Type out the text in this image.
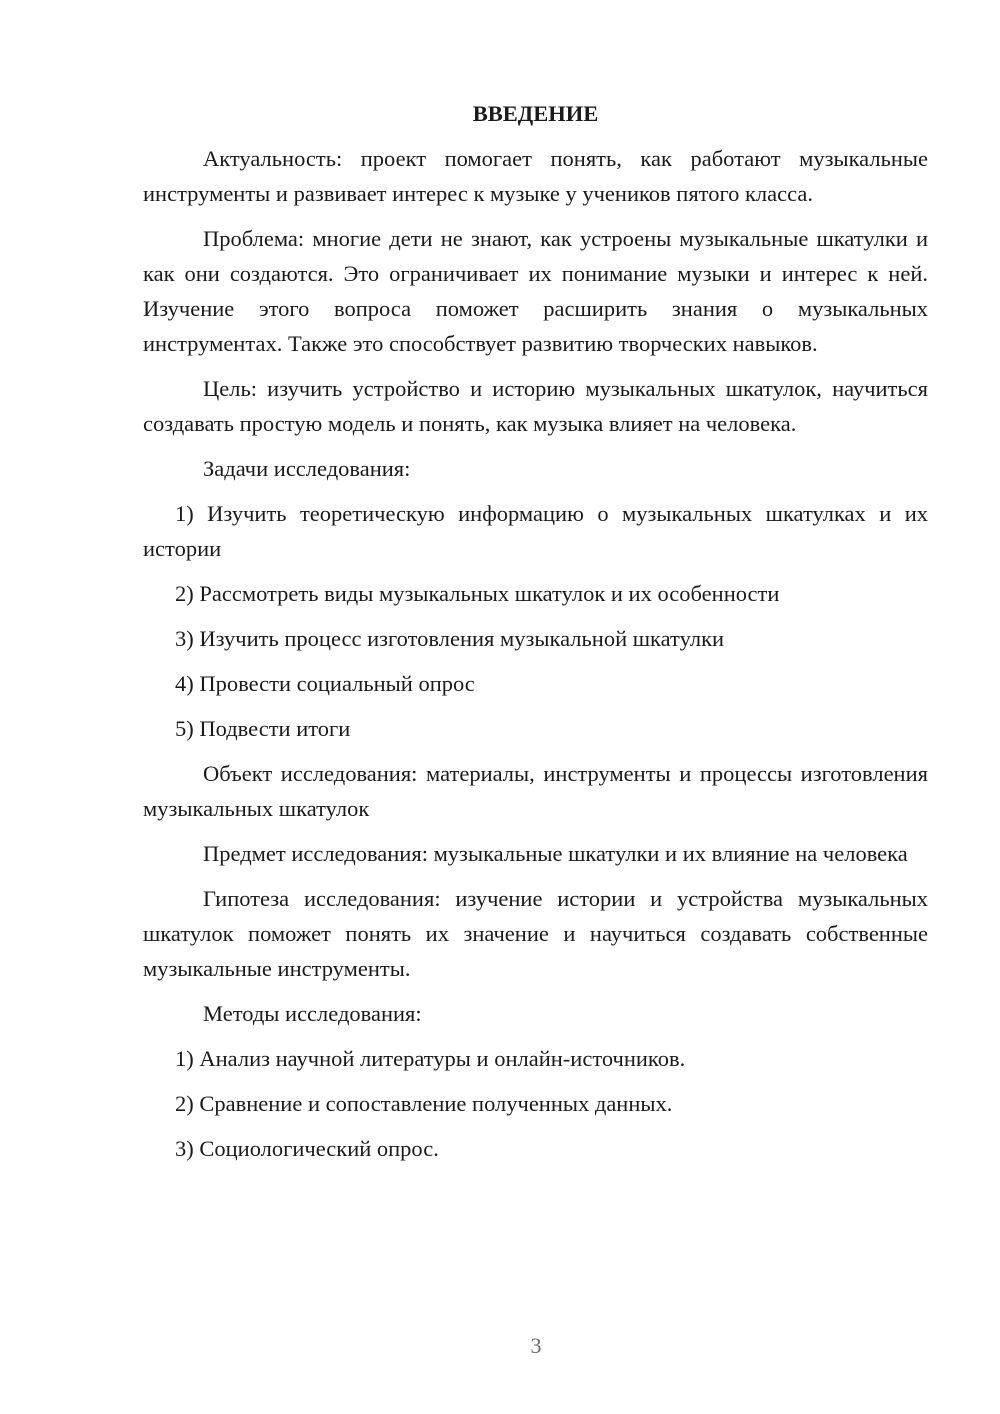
ВВЕДЕНИЕ

Актуальность: проект помогает понять, как работают музыкальные инструменты и развивает интерес к музыке у учеников пятого класса.

Проблема: многие дети не знают, как устроены музыкальные шкатулки и как они создаются. Это ограничивает их понимание музыки и интерес к ней. Изучение этого вопроса поможет расширить знания о музыкальных инструментах. Также это способствует развитию творческих навыков.

Цель: изучить устройство и историю музыкальных шкатулок, научиться создавать простую модель и понять, как музыка влияет на человека.

Задачи исследования:

1) Изучить теоретическую информацию о музыкальных шкатулках и их истории

2) Рассмотреть виды музыкальных шкатулок и их особенности

3) Изучить процесс изготовления музыкальной шкатулки

4) Провести социальный опрос

5) Подвести итоги

Объект исследования: материалы, инструменты и процессы изготовления музыкальных шкатулок

Предмет исследования: музыкальные шкатулки и их влияние на человека

Гипотеза исследования: изучение истории и устройства музыкальных шкатулок поможет понять их значение и научиться создавать собственные музыкальные инструменты.

Методы исследования:

1) Анализ научной литературы и онлайн-источников.

2) Сравнение и сопоставление полученных данных.

3) Социологический опрос.

3
